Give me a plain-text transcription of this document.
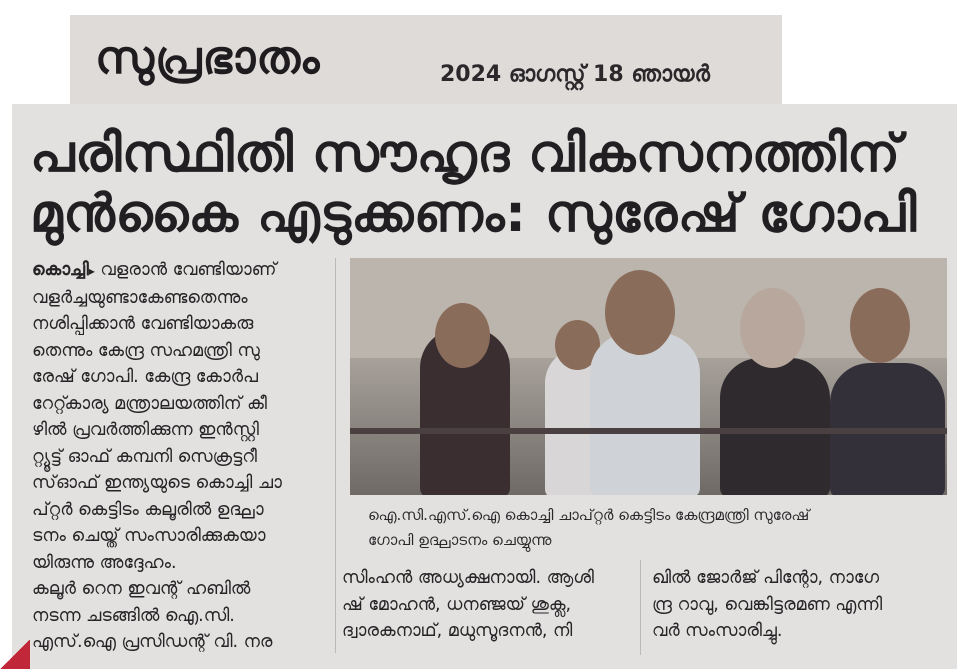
സുപ്രഭാതം	2024 ഓഗസ്റ്റ് 18 ഞായർ
പരിസ്ഥിതി സൗഹൃദ വികസനത്തിന്
മുൻകൈ എടുക്കണം: സുരേഷ് ഗോപി
കൊച്ചി▸ വളരാൻ വേണ്ടിയാണ്
വളർച്ചയുണ്ടാകേണ്ടതെന്നും
നശിപ്പിക്കാൻ വേണ്ടിയാകരു
തെന്നും കേന്ദ്ര സഹമന്ത്രി സു
രേഷ് ഗോപി. കേന്ദ്ര കോർപ
റേറ്റ്കാര്യ മന്ത്രാലയത്തിന് കീ
ഴിൽ പ്രവർത്തിക്കുന്ന ഇൻസ്റ്റി
റ്റ്യൂട്ട് ഓഫ് കമ്പനി സെക്രട്ടറീ
സ്ഓഫ് ഇന്ത്യയുടെ കൊച്ചി ചാ
പ്റ്റർ കെട്ടിടം കലൂരിൽ ഉദ്ഘാ
ടനം ചെയ്ത് സംസാരിക്കുകയാ
യിരുന്നു അദ്ദേഹം.
കലൂർ റെന ഇവന്റ് ഹബിൽ
നടന്ന ചടങ്ങിൽ ഐ.സി.
എസ്.ഐ പ്രസിഡന്റ് വി. നര
ഐ.സി.എസ്.ഐ കൊച്ചി ചാപ്റ്റർ കെട്ടിടം കേന്ദ്രമന്ത്രി സുരേഷ്
ഗോപി ഉദ്ഘാടനം ചെയ്യുന്നു
സിംഹൻ അധ്യക്ഷനായി. ആശി
ഷ് മോഹൻ, ധനഞ്ജയ് ശുക്ല,
ദ്വാരകനാഥ്, മധുസൂദനൻ, നി
ഖിൽ ജോർജ് പിന്റോ, നാഗേ
ന്ദ്ര റാവു, വെങ്കിട്ടരമണ എന്നി
വർ സംസാരിച്ചു.
